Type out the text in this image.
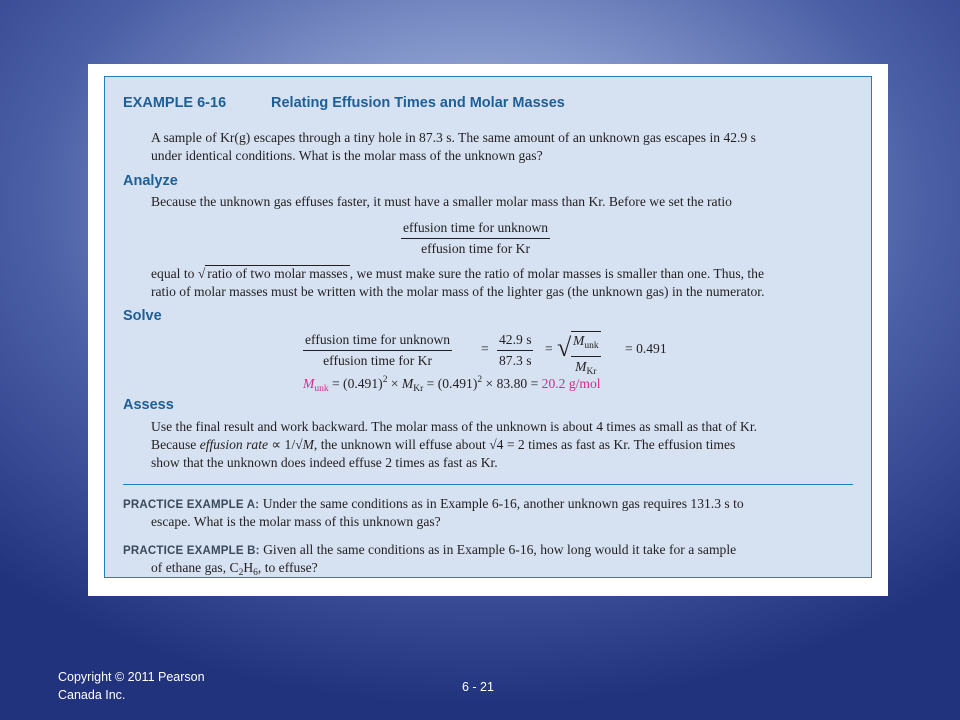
EXAMPLE 6-16	Relating Effusion Times and Molar Masses
A sample of Kr(g) escapes through a tiny hole in 87.3 s. The same amount of an unknown gas escapes in 42.9 s
under identical conditions. What is the molar mass of the unknown gas?
Analyze
Because the unknown gas effuses faster, it must have a smaller molar mass than Kr. Before we set the ratio
effusion time for unknown
effusion time for Kr
equal to √ ratio of two molar masses , we must make sure the ratio of molar masses is smaller than one. Thus, the
ratio of molar masses must be written with the molar mass of the lighter gas (the unknown gas) in the numerator.
Solve
effusion time for unknown
effusion time for Kr
= $\frac{42.9 s}{87.3 s}$ = √ $M_{unk}$
$M_{Kr}$
= 0.491
$M_{unk} = (0.491)^2 \times M_{Kr} = (0.491)^2 \times 83.80 = 20.2$ g/mol
Assess
Use the final result and work backward. The molar mass of the unknown is about 4 times as small as that of Kr.
Because effusion rate ∝ 1/√M, the unknown will effuse about √4 = 2 times as fast as Kr. The effusion times
show that the unknown does indeed effuse 2 times as fast as Kr.
PRACTICE EXAMPLE A: Under the same conditions as in Example 6-16, another unknown gas requires 131.3 s to
escape. What is the molar mass of this unknown gas?
PRACTICE EXAMPLE B: Given all the same conditions as in Example 6-16, how long would it take for a sample
of ethane gas, $C_2H_6$, to effuse?
Copyright © 2011 Pearson
Canada Inc.
6 - 21
